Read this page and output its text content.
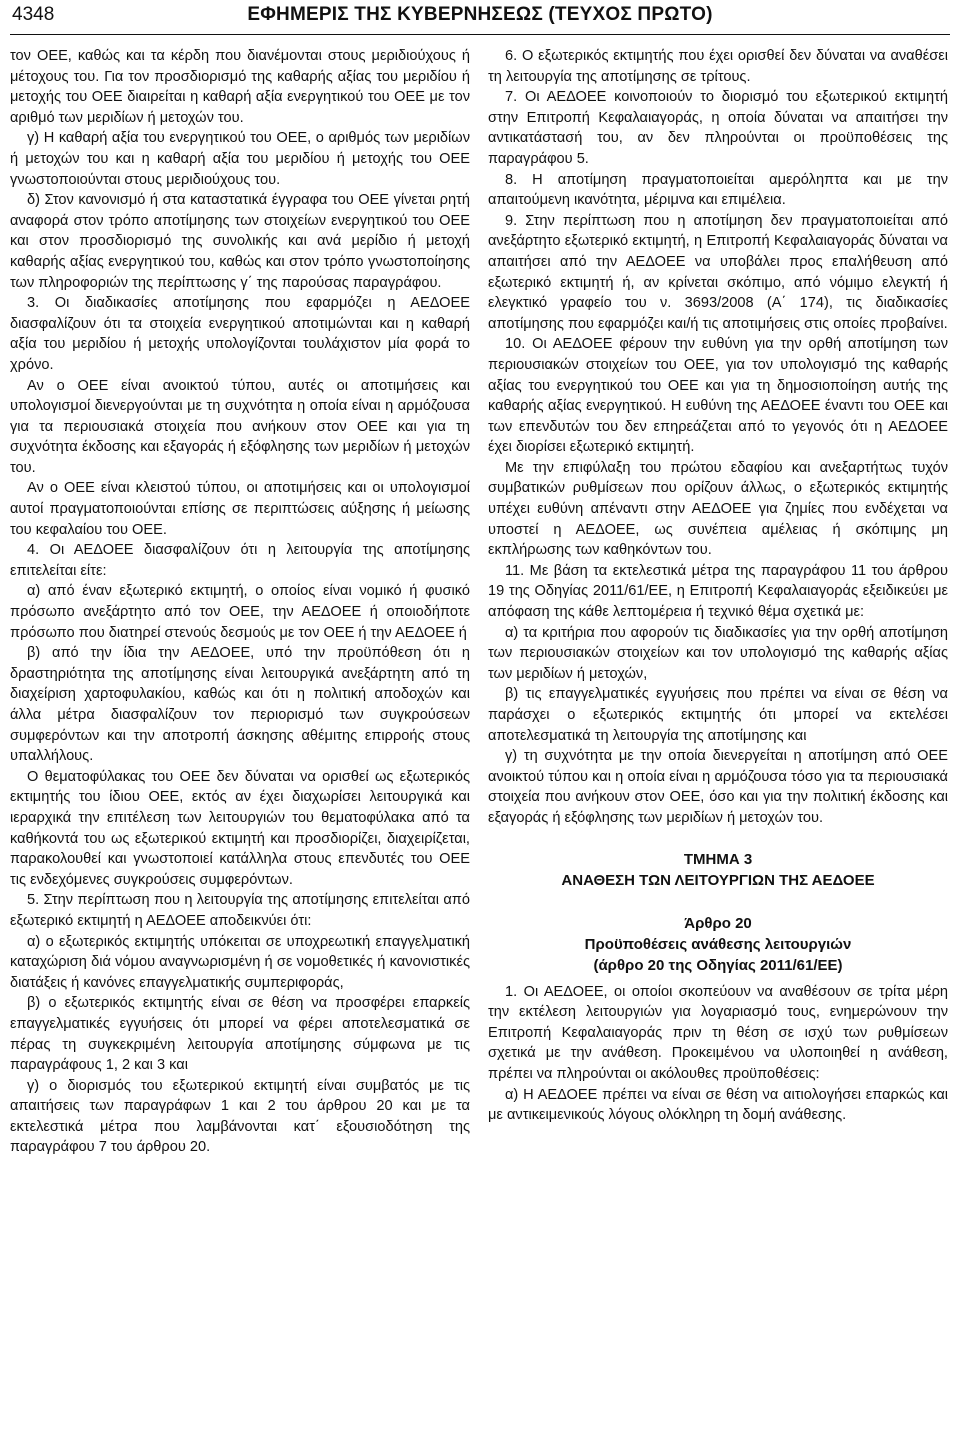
4348	ΕΦΗΜΕΡΙΣ ΤΗΣ ΚΥΒΕΡΝΗΣΕΩΣ (ΤΕΥΧΟΣ ΠΡΩΤΟ)

τον ΟΕΕ, καθώς και τα κέρδη που διανέμονται στους μεριδιούχους ή μέτοχους του. Για τον προσδιορισμό της καθαρής αξίας του μεριδίου ή μετοχής του ΟΕΕ διαιρείται η καθαρή αξία ενεργητικού του ΟΕΕ με τον αριθμό των μεριδίων ή μετοχών του.

γ) Η καθαρή αξία του ενεργητικού του ΟΕΕ, ο αριθμός των μεριδίων ή μετοχών του και η καθαρή αξία του μεριδίου ή μετοχής του ΟΕΕ γνωστοποιούνται στους μεριδιούχους του.

δ) Στον κανονισμό ή στα καταστατικά έγγραφα του ΟΕΕ γίνεται ρητή αναφορά στον τρόπο αποτίμησης των στοιχείων ενεργητικού του ΟΕΕ και στον προσδιορισμό της συνολικής και ανά μερίδιο ή μετοχή καθαρής αξίας ενεργητικού του, καθώς και στον τρόπο γνωστοποίησης των πληροφοριών της περίπτωσης γ΄ της παρούσας παραγράφου.

3. Οι διαδικασίες αποτίμησης που εφαρμόζει η ΑΕΔΟΕΕ διασφαλίζουν ότι τα στοιχεία ενεργητικού αποτιμώνται και η καθαρή αξία του μεριδίου ή μετοχής υπολογίζονται τουλάχιστον μία φορά το χρόνο.

Αν ο ΟΕΕ είναι ανοικτού τύπου, αυτές οι αποτιμήσεις και υπολογισμοί διενεργούνται με τη συχνότητα η οποία είναι η αρμόζουσα για τα περιουσιακά στοιχεία που ανήκουν στον ΟΕΕ και για τη συχνότητα έκδοσης και εξαγοράς ή εξόφλησης των μεριδίων ή μετοχών του.

Αν ο ΟΕΕ είναι κλειστού τύπου, οι αποτιμήσεις και οι υπολογισμοί αυτοί πραγματοποιούνται επίσης σε περιπτώσεις αύξησης ή μείωσης του κεφαλαίου του ΟΕΕ.

4. Οι ΑΕΔΟΕΕ διασφαλίζουν ότι η λειτουργία της αποτίμησης επιτελείται είτε:

α) από έναν εξωτερικό εκτιμητή, ο οποίος είναι νομικό ή φυσικό πρόσωπο ανεξάρτητο από τον ΟΕΕ, την ΑΕΔΟΕΕ ή οποιοδήποτε πρόσωπο που διατηρεί στενούς δεσμούς με τον ΟΕΕ ή την ΑΕΔΟΕΕ ή

β) από την ίδια την ΑΕΔΟΕΕ, υπό την προϋπόθεση ότι η δραστηριότητα της αποτίμησης είναι λειτουργικά ανεξάρτητη από τη διαχείριση χαρτοφυλακίου, καθώς και ότι η πολιτική αποδοχών και άλλα μέτρα διασφαλίζουν τον περιορισμό των συγκρούσεων συμφερόντων και την αποτροπή άσκησης αθέμιτης επιρροής στους υπαλλήλους.

Ο θεματοφύλακας του ΟΕΕ δεν δύναται να ορισθεί ως εξωτερικός εκτιμητής του ίδιου ΟΕΕ, εκτός αν έχει διαχωρίσει λειτουργικά και ιεραρχικά την επιτέλεση των λειτουργιών του θεματοφύλακα από τα καθήκοντά του ως εξωτερικού εκτιμητή και προσδιορίζει, διαχειρίζεται, παρακολουθεί και γνωστοποιεί κατάλληλα στους επενδυτές του ΟΕΕ τις ενδεχόμενες συγκρούσεις συμφερόντων.

5. Στην περίπτωση που η λειτουργία της αποτίμησης επιτελείται από εξωτερικό εκτιμητή η ΑΕΔΟΕΕ αποδεικνύει ότι:

α) ο εξωτερικός εκτιμητής υπόκειται σε υποχρεωτική επαγγελματική καταχώριση διά νόμου αναγνωρισμένη ή σε νομοθετικές ή κανονιστικές διατάξεις ή κανόνες επαγγελματικής συμπεριφοράς,

β) ο εξωτερικός εκτιμητής είναι σε θέση να προσφέρει επαρκείς επαγγελματικές εγγυήσεις ότι μπορεί να φέρει αποτελεσματικά σε πέρας τη συγκεκριμένη λειτουργία αποτίμησης σύμφωνα με τις παραγράφους 1, 2 και 3 και

γ) ο διορισμός του εξωτερικού εκτιμητή είναι συμβατός με τις απαιτήσεις των παραγράφων 1 και 2 του άρθρου 20 και με τα εκτελεστικά μέτρα που λαμβάνονται κατ΄ εξουσιοδότηση της παραγράφου 7 του άρθρου 20.

6. Ο εξωτερικός εκτιμητής που έχει ορισθεί δεν δύναται να αναθέσει τη λειτουργία της αποτίμησης σε τρίτους.

7. Οι ΑΕΔΟΕΕ κοινοποιούν το διορισμό του εξωτερικού εκτιμητή στην Επιτροπή Κεφαλαιαγοράς, η οποία δύναται να απαιτήσει την αντικατάστασή του, αν δεν πληρούνται οι προϋποθέσεις της παραγράφου 5.

8. Η αποτίμηση πραγματοποιείται αμερόληπτα και με την απαιτούμενη ικανότητα, μέριμνα και επιμέλεια.

9. Στην περίπτωση που η αποτίμηση δεν πραγματοποιείται από ανεξάρτητο εξωτερικό εκτιμητή, η Επιτροπή Κεφαλαιαγοράς δύναται να απαιτήσει από την ΑΕΔΟΕΕ να υποβάλει προς επαλήθευση από εξωτερικό εκτιμητή ή, αν κρίνεται σκόπιμο, από νόμιμο ελεγκτή ή ελεγκτικό γραφείο του ν. 3693/2008 (Α΄ 174), τις διαδικασίες αποτίμησης που εφαρμόζει και/ή τις αποτιμήσεις στις οποίες προβαίνει.

10. Οι ΑΕΔΟΕΕ φέρουν την ευθύνη για την ορθή αποτίμηση των περιουσιακών στοιχείων του ΟΕΕ, για τον υπολογισμό της καθαρής αξίας του ενεργητικού του ΟΕΕ και για τη δημοσιοποίηση αυτής της καθαρής αξίας ενεργητικού. Η ευθύνη της ΑΕΔΟΕΕ έναντι του ΟΕΕ και των επενδυτών του δεν επηρεάζεται από το γεγονός ότι η ΑΕΔΟΕΕ έχει διορίσει εξωτερικό εκτιμητή.

Με την επιφύλαξη του πρώτου εδαφίου και ανεξαρτήτως τυχόν συμβατικών ρυθμίσεων που ορίζουν άλλως, ο εξωτερικός εκτιμητής υπέχει ευθύνη απέναντι στην ΑΕΔΟΕΕ για ζημίες που ενδέχεται να υποστεί η ΑΕΔΟΕΕ, ως συνέπεια αμέλειας ή σκόπιμης μη εκπλήρωσης των καθηκόντων του.

11. Με βάση τα εκτελεστικά μέτρα της παραγράφου 11 του άρθρου 19 της Οδηγίας 2011/61/ΕΕ, η Επιτροπή Κεφαλαιαγοράς εξειδικεύει με απόφαση της κάθε λεπτομέρεια ή τεχνικό θέμα σχετικά με:

α) τα κριτήρια που αφορούν τις διαδικασίες για την ορθή αποτίμηση των περιουσιακών στοιχείων και τον υπολογισμό της καθαρής αξίας των μεριδίων ή μετοχών,

β) τις επαγγελματικές εγγυήσεις που πρέπει να είναι σε θέση να παράσχει ο εξωτερικός εκτιμητής ότι μπορεί να εκτελέσει αποτελεσματικά τη λειτουργία της αποτίμησης και

γ) τη συχνότητα με την οποία διενεργείται η αποτίμηση από ΟΕΕ ανοικτού τύπου και η οποία είναι η αρμόζουσα τόσο για τα περιουσιακά στοιχεία που ανήκουν στον ΟΕΕ, όσο και για την πολιτική έκδοσης και εξαγοράς ή εξόφλησης των μεριδίων ή μετοχών του.

ΤΜΗΜΑ 3

ΑΝΑΘΕΣΗ ΤΩΝ ΛΕΙΤΟΥΡΓΙΩΝ ΤΗΣ ΑΕΔΟΕΕ

Άρθρο 20

Προϋποθέσεις ανάθεσης λειτουργιών

(άρθρο 20 της Οδηγίας 2011/61/ΕΕ)

1. Οι ΑΕΔΟΕΕ, οι οποίοι σκοπεύουν να αναθέσουν σε τρίτα μέρη την εκτέλεση λειτουργιών για λογαριασμό τους, ενημερώνουν την Επιτροπή Κεφαλαιαγοράς πριν τη θέση σε ισχύ των ρυθμίσεων σχετικά με την ανάθεση. Προκειμένου να υλοποιηθεί η ανάθεση, πρέπει να πληρούνται οι ακόλουθες προϋποθέσεις:

α) Η ΑΕΔΟΕΕ πρέπει να είναι σε θέση να αιτιολογήσει επαρκώς και με αντικειμενικούς λόγους ολόκληρη τη δομή ανάθεσης.
